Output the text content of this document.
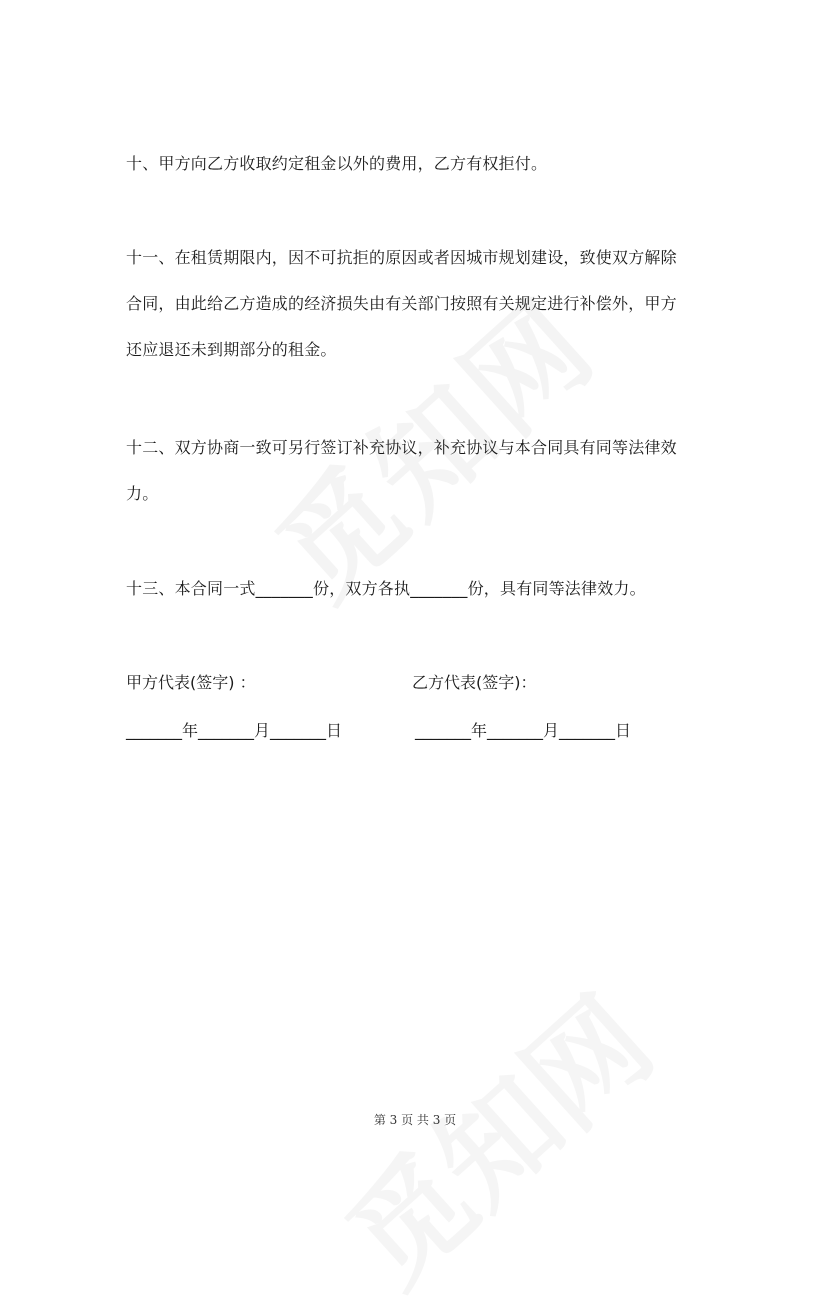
十、甲方向乙方收取约定租金以外的费用，乙方有权拒付。
十一、在租赁期限内，因不可抗拒的原因或者因城市规划建设，致使双方解除
合同，由此给乙方造成的经济损失由有关部门按照有关规定进行补偿外，甲方
还应退还未到期部分的租金。
十二、双方协商一致可另行签订补充协议，补充协议与本合同具有同等法律效
力。
十三、本合同一式_______份，双方各执_______份，具有同等法律效力。
甲方代表(签字) ：	乙方代表(签字)：
_______年_______月_______日	_______年_______月_______日
第 3 页 共 3 页
